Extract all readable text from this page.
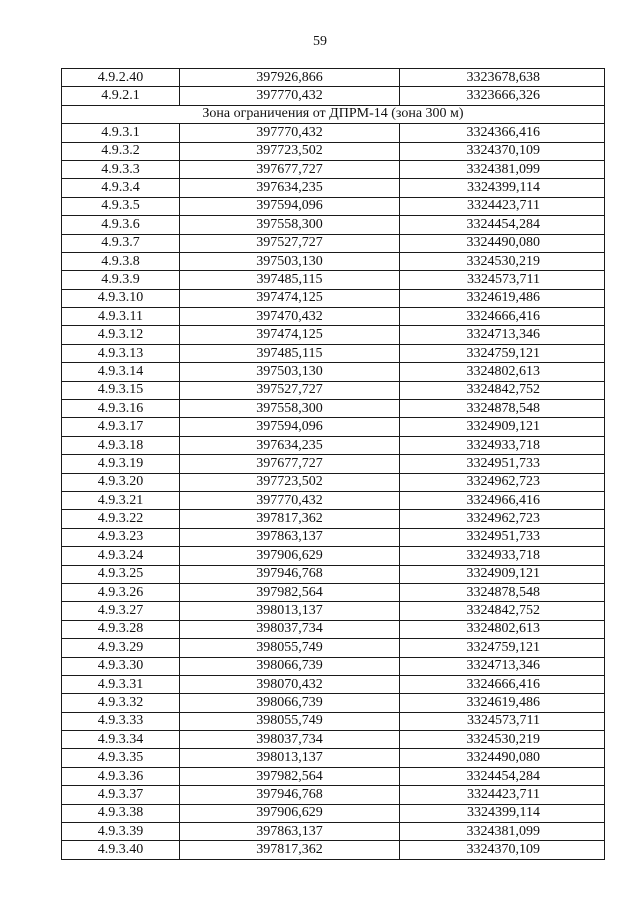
59
4.9.2.40	397926,866	3323678,638
4.9.2.1	397770,432	3323666,326
Зона ограничения от ДПРМ-14 (зона 300 м)		
4.9.3.1	397770,432	3324366,416
4.9.3.2	397723,502	3324370,109
4.9.3.3	397677,727	3324381,099
4.9.3.4	397634,235	3324399,114
4.9.3.5	397594,096	3324423,711
4.9.3.6	397558,300	3324454,284
4.9.3.7	397527,727	3324490,080
4.9.3.8	397503,130	3324530,219
4.9.3.9	397485,115	3324573,711
4.9.3.10	397474,125	3324619,486
4.9.3.11	397470,432	3324666,416
4.9.3.12	397474,125	3324713,346
4.9.3.13	397485,115	3324759,121
4.9.3.14	397503,130	3324802,613
4.9.3.15	397527,727	3324842,752
4.9.3.16	397558,300	3324878,548
4.9.3.17	397594,096	3324909,121
4.9.3.18	397634,235	3324933,718
4.9.3.19	397677,727	3324951,733
4.9.3.20	397723,502	3324962,723
4.9.3.21	397770,432	3324966,416
4.9.3.22	397817,362	3324962,723
4.9.3.23	397863,137	3324951,733
4.9.3.24	397906,629	3324933,718
4.9.3.25	397946,768	3324909,121
4.9.3.26	397982,564	3324878,548
4.9.3.27	398013,137	3324842,752
4.9.3.28	398037,734	3324802,613
4.9.3.29	398055,749	3324759,121
4.9.3.30	398066,739	3324713,346
4.9.3.31	398070,432	3324666,416
4.9.3.32	398066,739	3324619,486
4.9.3.33	398055,749	3324573,711
4.9.3.34	398037,734	3324530,219
4.9.3.35	398013,137	3324490,080
4.9.3.36	397982,564	3324454,284
4.9.3.37	397946,768	3324423,711
4.9.3.38	397906,629	3324399,114
4.9.3.39	397863,137	3324381,099
4.9.3.40	397817,362	3324370,109
